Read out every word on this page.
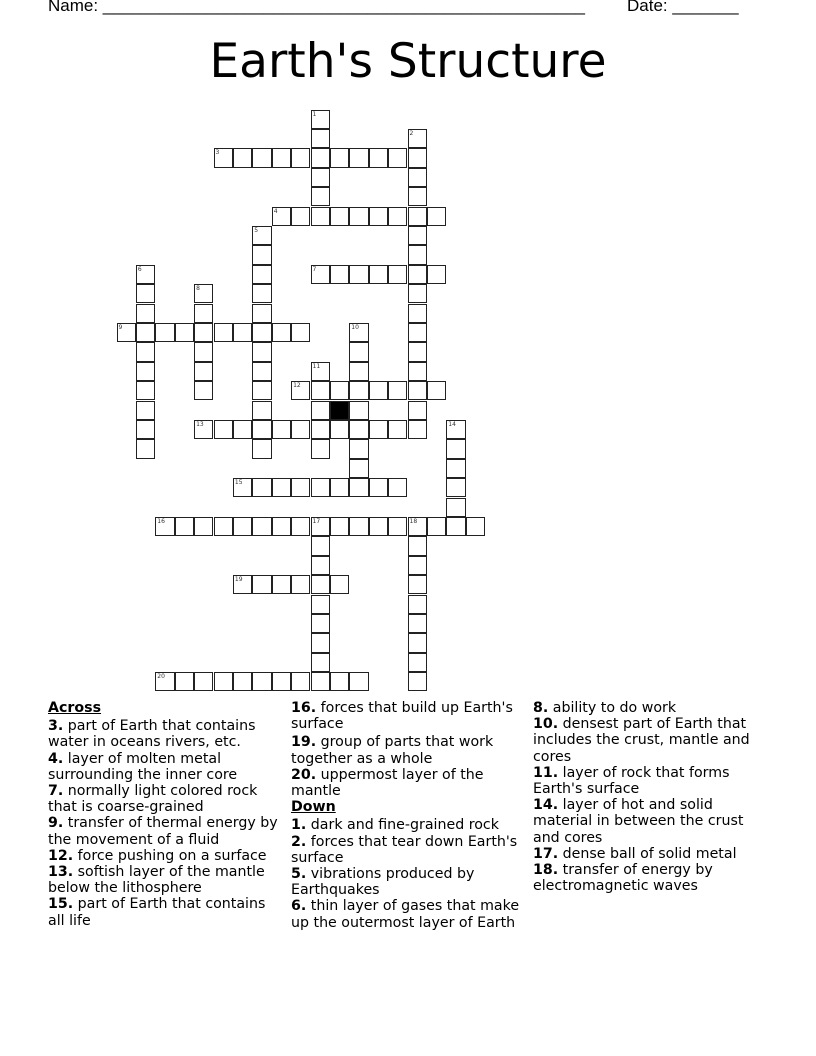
Name: ___________________________________________________ Date: _______
Earth's Structure
1
2
3
4
5
6	7
8
9	10
11
12
13	14
15
16	17	18
19
20
Across
3. part of Earth that contains water in oceans rivers, etc.
4. layer of molten metal surrounding the inner core
7. normally light colored rock that is coarse-grained
9. transfer of thermal energy by the movement of a fluid
12. force pushing on a surface
13. softish layer of the mantle below the lithosphere
15. part of Earth that contains all life
16. forces that build up Earth's surface
19. group of parts that work together as a whole
20. uppermost layer of the mantle
Down
1. dark and fine-grained rock
2. forces that tear down Earth's surface
5. vibrations produced by Earthquakes
6. thin layer of gases that make up the outermost layer of Earth
8. ability to do work
10. densest part of Earth that includes the crust, mantle and cores
11. layer of rock that forms Earth's surface
14. layer of hot and solid material in between the crust and cores
17. dense ball of solid metal
18. transfer of energy by electromagnetic waves
